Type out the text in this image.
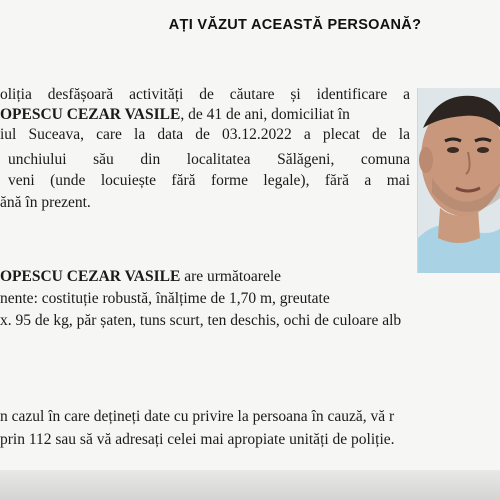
AȚI VĂZUT ACEASTĂ PERSOANĂ?
oliția desfășoară activități de căutare și identificare a
OPESCU CEZAR VASILE, de 41 de ani, domiciliat în
iul Suceava, care la data de 03.12.2022 a plecat de la
unchiului său din localitatea Sălăgeni, comuna
veni (unde locuiește fără forme legale), fără a mai
ănă în prezent.
OPESCU CEZAR VASILE are următoarele
nente: costituție robustă, înălțime de 1,70 m, greutate
x. 95 de kg, păr șaten, tuns scurt, ten deschis, ochi de culoare alb
n cazul în care dețineți date cu privire la persoana în cauză, vă r
prin 112 sau să vă adresați celei mai apropiate unități de poliție.
